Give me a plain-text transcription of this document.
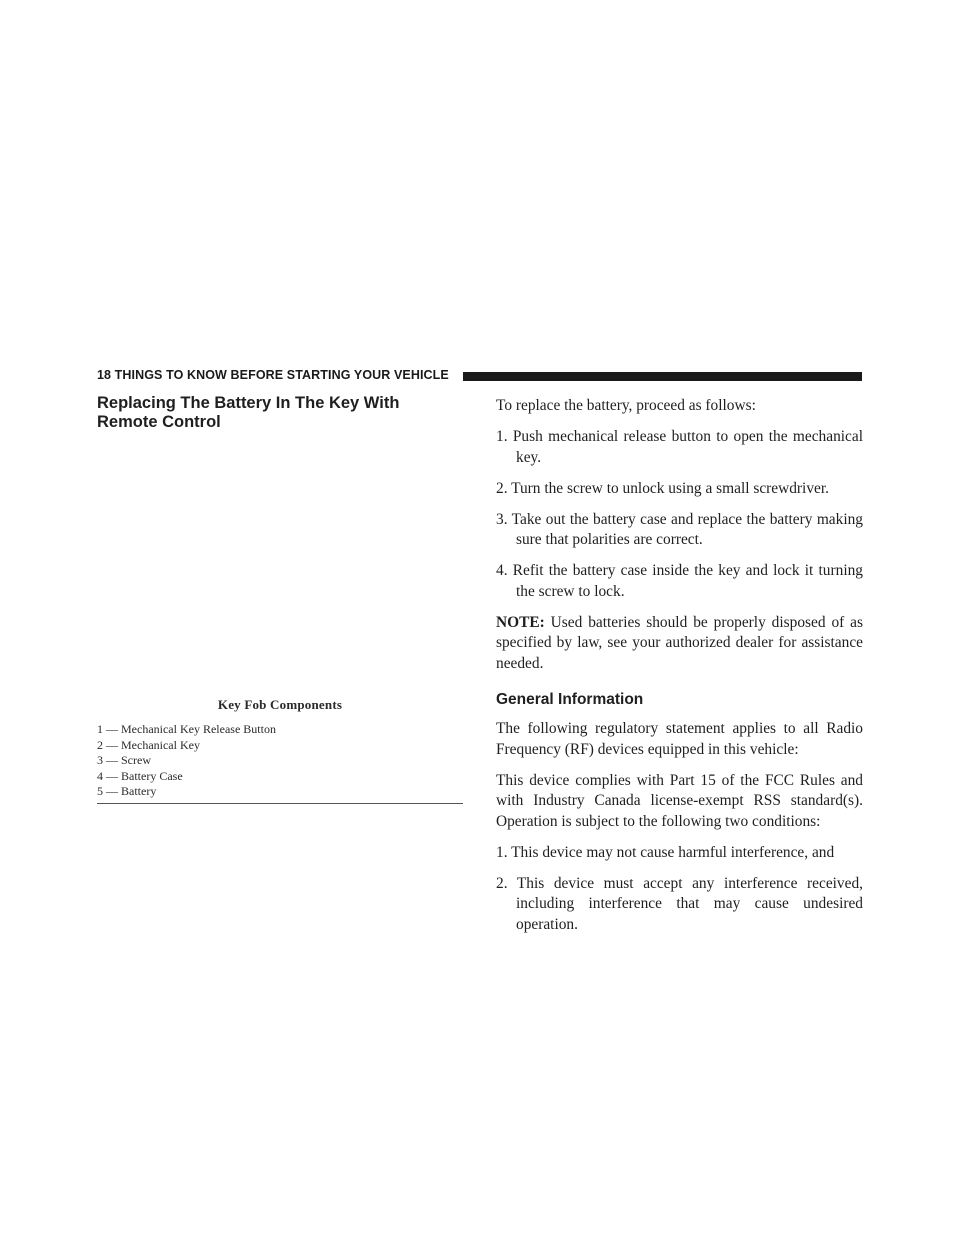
18 THINGS TO KNOW BEFORE STARTING YOUR VEHICLE
Replacing The Battery In The Key With Remote Control
Key Fob Components
1 — Mechanical Key Release Button
2 — Mechanical Key
3 — Screw
4 — Battery Case
5 — Battery

To replace the battery, proceed as follows:

1. Push mechanical release button to open the mechanical key.
2. Turn the screw to unlock using a small screwdriver.
3. Take out the battery case and replace the battery making sure that polarities are correct.
4. Refit the battery case inside the key and lock it turning the screw to lock.

NOTE: Used batteries should be properly disposed of as specified by law, see your authorized dealer for assistance needed.

General Information

The following regulatory statement applies to all Radio Frequency (RF) devices equipped in this vehicle:

This device complies with Part 15 of the FCC Rules and with Industry Canada license-exempt RSS standard(s). Operation is subject to the following two conditions:

1. This device may not cause harmful interference, and
2. This device must accept any interference received, including interference that may cause undesired operation.
